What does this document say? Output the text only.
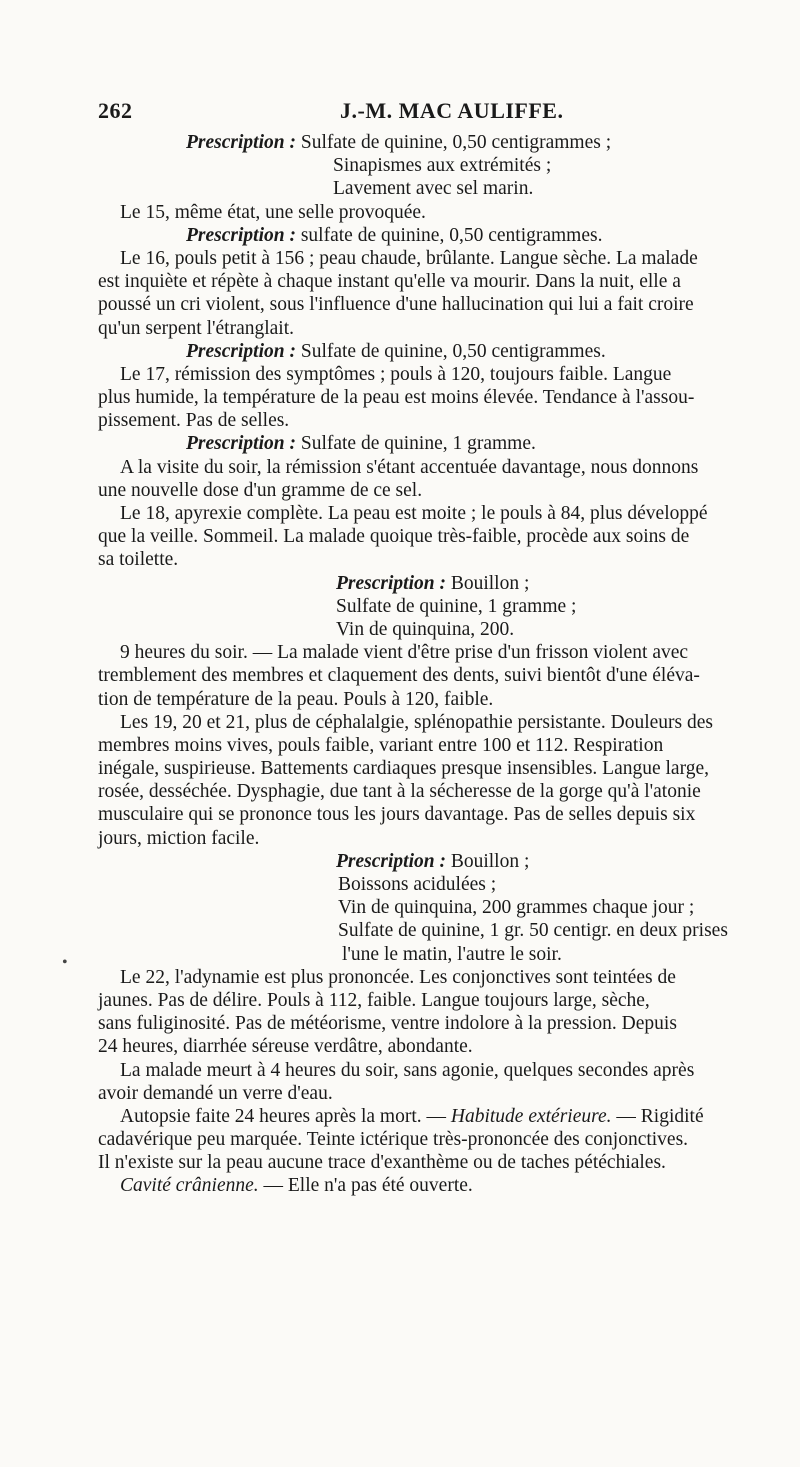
262	J.-M. MAC AULIFFE.
Prescription : Sulfate de quinine, 0,50 centigrammes ;
Sinapismes aux extrémités ;
Lavement avec sel marin.
Le 15, même état, une selle provoquée.
Prescription : sulfate de quinine, 0,50 centigrammes.
Le 16, pouls petit à 156 ; peau chaude, brûlante. Langue sèche. La malade
est inquiète et répète à chaque instant qu'elle va mourir. Dans la nuit, elle a
poussé un cri violent, sous l'influence d'une hallucination qui lui a fait croire
qu'un serpent l'étranglait.
Prescription : Sulfate de quinine, 0,50 centigrammes.
Le 17, rémission des symptômes ; pouls à 120, toujours faible. Langue
plus humide, la température de la peau est moins élevée. Tendance à l'assou-
pissement. Pas de selles.
Prescription : Sulfate de quinine, 1 gramme.
A la visite du soir, la rémission s'étant accentuée davantage, nous donnons
une nouvelle dose d'un gramme de ce sel.
Le 18, apyrexie complète. La peau est moite ; le pouls à 84, plus développé
que la veille. Sommeil. La malade quoique très-faible, procède aux soins de
sa toilette.
Prescription : Bouillon ;
Sulfate de quinine, 1 gramme ;
Vin de quinquina, 200.
9 heures du soir. — La malade vient d'être prise d'un frisson violent avec
tremblement des membres et claquement des dents, suivi bientôt d'une éléva-
tion de température de la peau. Pouls à 120, faible.
Les 19, 20 et 21, plus de céphalalgie, splénopathie persistante. Douleurs des
membres moins vives, pouls faible, variant entre 100 et 112. Respiration
inégale, suspirieuse. Battements cardiaques presque insensibles. Langue large,
rosée, desséchée. Dysphagie, due tant à la sécheresse de la gorge qu'à l'atonie
musculaire qui se prononce tous les jours davantage. Pas de selles depuis six
jours, miction facile.
Prescription : Bouillon ;
Boissons acidulées ;
Vin de quinquina, 200 grammes chaque jour ;
Sulfate de quinine, 1 gr. 50 centigr. en deux prises
l'une le matin, l'autre le soir.
Le 22, l'adynamie est plus prononcée. Les conjonctives sont teintées de
jaunes. Pas de délire. Pouls à 112, faible. Langue toujours large, sèche,
sans fuliginosité. Pas de météorisme, ventre indolore à la pression. Depuis
24 heures, diarrhée séreuse verdâtre, abondante.
La malade meurt à 4 heures du soir, sans agonie, quelques secondes après
avoir demandé un verre d'eau.
Autopsie faite 24 heures après la mort. — Habitude extérieure. — Rigidité
cadavérique peu marquée. Teinte ictérique très-prononcée des conjonctives.
Il n'existe sur la peau aucune trace d'exanthème ou de taches pétéchiales.
Cavité crânienne. — Elle n'a pas été ouverte.
•
